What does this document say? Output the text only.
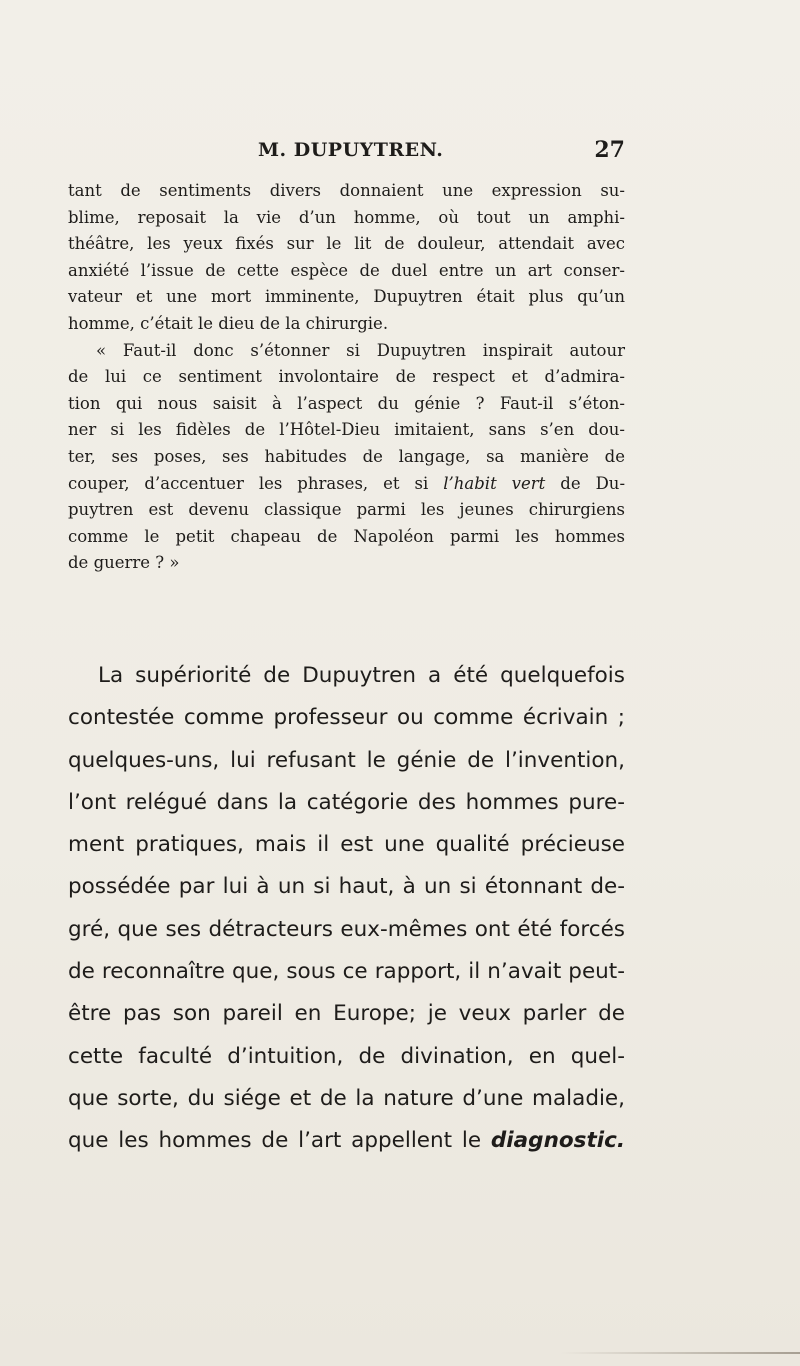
M. DUPUYTREN.	27
tant de sentiments divers donnaient une expression su-
blime, reposait la vie d’un homme, où tout un amphi-
théâtre, les yeux fixés sur le lit de douleur, attendait avec
anxiété l’issue de cette espèce de duel entre un art conser-
vateur et une mort imminente, Dupuytren était plus qu’un
homme, c’était le dieu de la chirurgie.
« Faut-il donc s’étonner si Dupuytren inspirait autour
de lui ce sentiment involontaire de respect et d’admira-
tion qui nous saisit à l’aspect du génie ? Faut-il s’éton-
ner si les fidèles de l’Hôtel-Dieu imitaient, sans s’en dou-
ter, ses poses, ses habitudes de langage, sa manière de
couper, d’accentuer les phrases, et si l’habit vert de Du-
puytren est devenu classique parmi les jeunes chirurgiens
comme le petit chapeau de Napoléon parmi les hommes
de guerre ? »
La supériorité de Dupuytren a été quelquefois
contestée comme professeur ou comme écrivain ;
quelques-uns, lui refusant le génie de l’invention,
l’ont relégué dans la catégorie des hommes pure-
ment pratiques, mais il est une qualité précieuse
possédée par lui à un si haut, à un si étonnant de-
gré, que ses détracteurs eux-mêmes ont été forcés
de reconnaître que, sous ce rapport, il n’avait peut-
être pas son pareil en Europe; je veux parler de
cette faculté d’intuition, de divination, en quel-
que sorte, du siége et de la nature d’une maladie,
que les hommes de l’art appellent le diagnostic.
